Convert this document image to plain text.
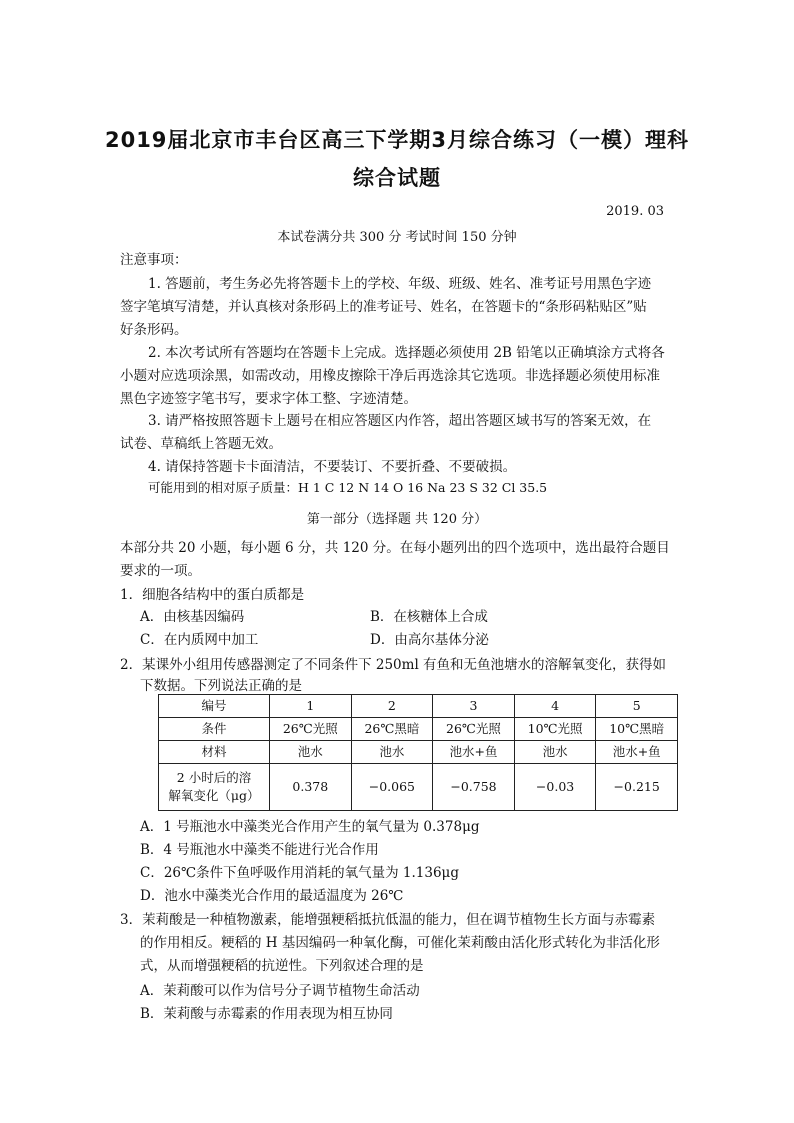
2019届北京市丰台区高三下学期3月综合练习（一模）理科
综合试题
2019. 03
本试卷满分共 300 分 考试时间 150 分钟
注意事项：
1. 答题前，考生务必先将答题卡上的学校、年级、班级、姓名、准考证号用黑色字迹
签字笔填写清楚，并认真核对条形码上的准考证号、姓名，在答题卡的“条形码粘贴区”贴
好条形码。
2. 本次考试所有答题均在答题卡上完成。选择题必须使用 2B 铅笔以正确填涂方式将各
小题对应选项涂黑，如需改动，用橡皮擦除干净后再选涂其它选项。非选择题必须使用标准
黑色字迹签字笔书写，要求字体工整、字迹清楚。
3. 请严格按照答题卡上题号在相应答题区内作答，超出答题区域书写的答案无效，在
试卷、草稿纸上答题无效。
4. 请保持答题卡卡面清洁，不要装订、不要折叠、不要破损。
可能用到的相对原子质量：H 1 C 12 N 14 O 16 Na 23 S 32 Cl 35.5
第一部分（选择题 共 120 分）
本部分共 20 小题，每小题 6 分，共 120 分。在每小题列出的四个选项中，选出最符合题目
要求的一项。
1．细胞各结构中的蛋白质都是
A．由核基因编码	B．在核糖体上合成
C．在内质网中加工	D．由高尔基体分泌
2．某课外小组用传感器测定了不同条件下 250ml 有鱼和无鱼池塘水的溶解氧变化，获得如
下数据。下列说法正确的是
编号	1	2	3	4	5
条件	26℃光照	26℃黑暗	26℃光照	10℃光照	10℃黑暗
材料	池水	池水	池水+鱼	池水	池水+鱼

2 小时后的溶
解氧变化（μg）	0.378	−0.065	−0.758	−0.03	−0.215
A．1 号瓶池水中藻类光合作用产生的氧气量为 0.378μg
B．4 号瓶池水中藻类不能进行光合作用
C．26℃条件下鱼呼吸作用消耗的氧气量为 1.136μg
D．池水中藻类光合作用的最适温度为 26℃
3．茉莉酸是一种植物激素，能增强粳稻抵抗低温的能力，但在调节植物生长方面与赤霉素
的作用相反。粳稻的 H 基因编码一种氧化酶，可催化茉莉酸由活化形式转化为非活化形
式，从而增强粳稻的抗逆性。下列叙述合理的是
A．茉莉酸可以作为信号分子调节植物生命活动
B．茉莉酸与赤霉素的作用表现为相互协同
